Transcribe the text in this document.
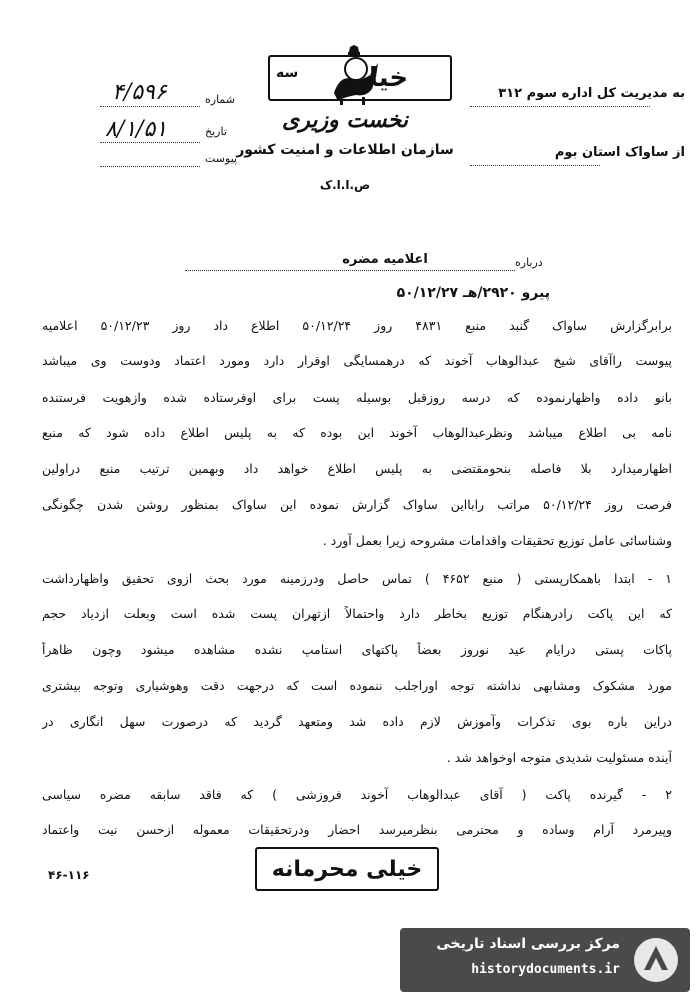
سه	خیلی
نخست وزیری
سازمان اطلاعات و امنیت کشور
ص.ا.ا.ک
۴/۵۹۶	شماره
۸/۱/۵۱	تاریخ
پیوست
به مدیریت کل اداره سوم ۳۱۲
از ساواک استان بوم
درباره
اعلامیه مضره
پیرو ۲۹۲۰/هـ ۵۰/۱۲/۲۷
برابرگزارش ساواک گنبد منبع ۴۸۳۱ روز ۵۰/۱۲/۲۴ اطلاع داد روز ۵۰/۱۲/۲۳ اعلامیه
پیوست راآقای شیخ عبدالوهاب آخوند که درهمسایگی اوقرار دارد ومورد اعتماد ودوست وی میباشد
بانو داده واظهارنموده که درسه روزقبل بوسیله پست برای اوفرستاده شده وازهویت فرستنده
نامه بی اطلاع میباشد ونظرعبدالوهاب آخوند این بوده که به پلیس اطلاع داده شود که منبع
اظهارمیدارد بلا فاصله بنحومقتضی به پلیس اطلاع خواهد داد وبهمین ترتیب منبع دراولین
فرصت روز ۵۰/۱۲/۲۴ مراتب رابااین ساواک گزارش نموده این ساواک بمنظور روشن شدن چگونگی
وشناسائی عامل توزیع تحقیقات واقدامات مشروحه زیرا بعمل آورد .
۱ - ابتدا باهمکارپستی ( منبع ۴۶۵۲ ) تماس حاصل ودرزمینه مورد بحث ازوی تحقیق واظهارداشت
که این پاکت رادرهنگام توزیع بخاطر دارد واحتمالاً ازتهران پست شده است وبعلت ازدیاد حجم
پاکات پستی درایام عید نوروز بعضاً پاکتهای استامپ نشده مشاهده میشود وچون ظاهراً
مورد مشکوک ومشابهی نداشته توجه اوراجلب ننموده است که درجهت دقت وهوشیاری وتوجه بیشتری
دراین باره بوی تذکرات وآموزش لازم داده شد ومتعهد گردید که درصورت سهل انگاری در
آینده مسئولیت شدیدی متوجه اوخواهد شد .
۲ - گیرنده پاکت ( آقای عبدالوهاب آخوند فروزشی ) که فاقد سابقه مضره سیاسی
وپیرمرد آرام وساده و محترمی بنظرمیرسد احضار ودرتحقیقات معموله ازحسن نیت واعتماد
خیلی محرمانه
۴۶-۱۱۶
مرکز بررسی اسناد تاریخی
historydocuments.ir
